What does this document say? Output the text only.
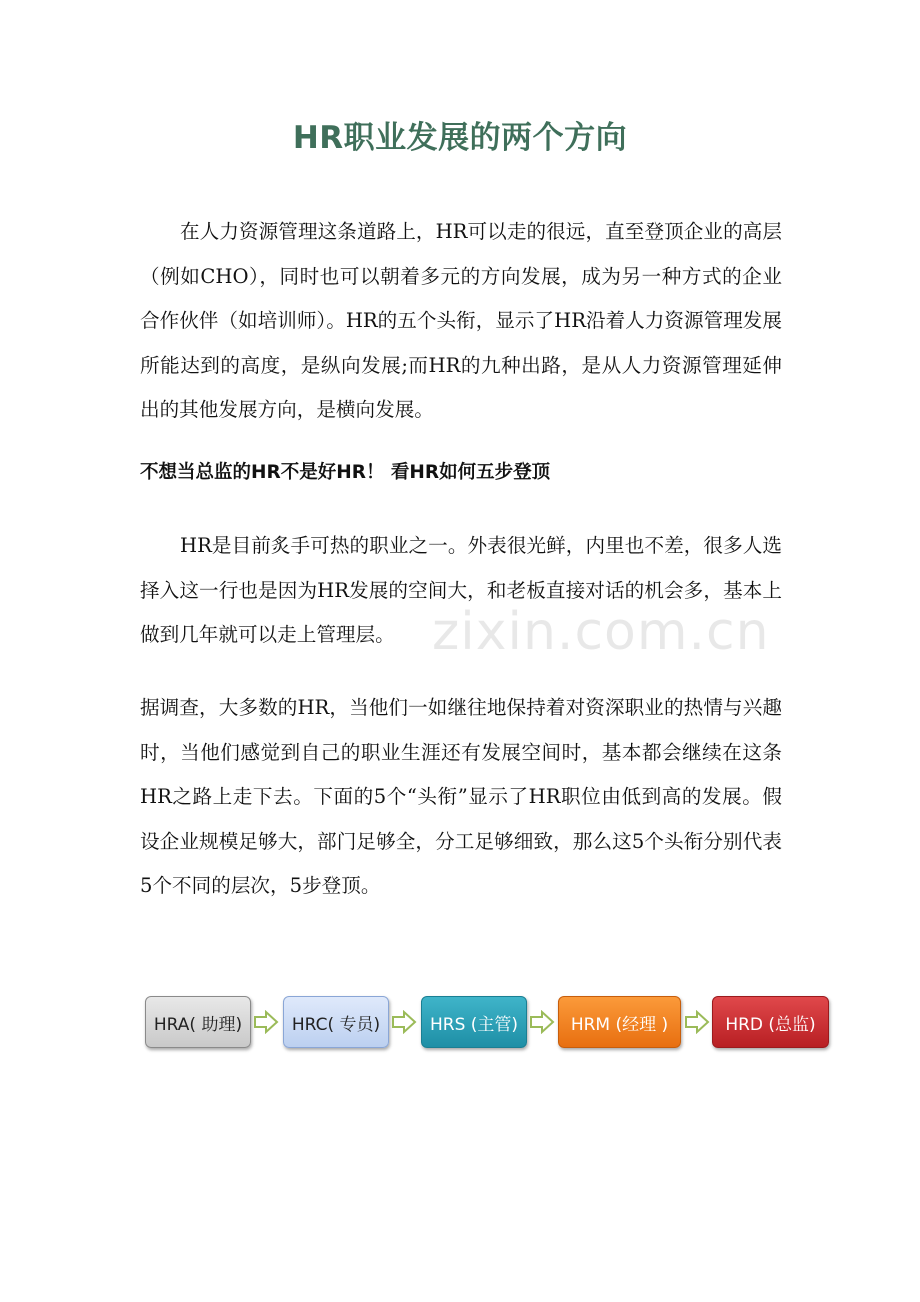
HR职业发展的两个方向

在人力资源管理这条道路上，HR可以走的很远，直至登顶企业的高层（例如CHO），同时也可以朝着多元的方向发展，成为另一种方式的企业合作伙伴（如培训师）。HR的五个头衔，显示了HR沿着人力资源管理发展所能达到的高度，是纵向发展;而HR的九种出路，是从人力资源管理延伸出的其他发展方向，是横向发展。

不想当总监的HR不是好HR！ 看HR如何五步登顶

HR是目前炙手可热的职业之一。外表很光鲜，内里也不差，很多人选择入这一行也是因为HR发展的空间大，和老板直接对话的机会多，基本上做到几年就可以走上管理层。 zixin.com.cn

据调查，大多数的HR，当他们一如继往地保持着对资深职业的热情与兴趣时，当他们感觉到自己的职业生涯还有发展空间时，基本都会继续在这条HR之路上走下去。下面的5个“头衔”显示了HR职位由低到高的发展。假设企业规模足够大，部门足够全，分工足够细致，那么这5个头衔分别代表5个不同的层次，5步登顶。

HRA( 助理)	HRC( 专员)	HRS (主管)	HRM (经理 )	HRD (总监)
